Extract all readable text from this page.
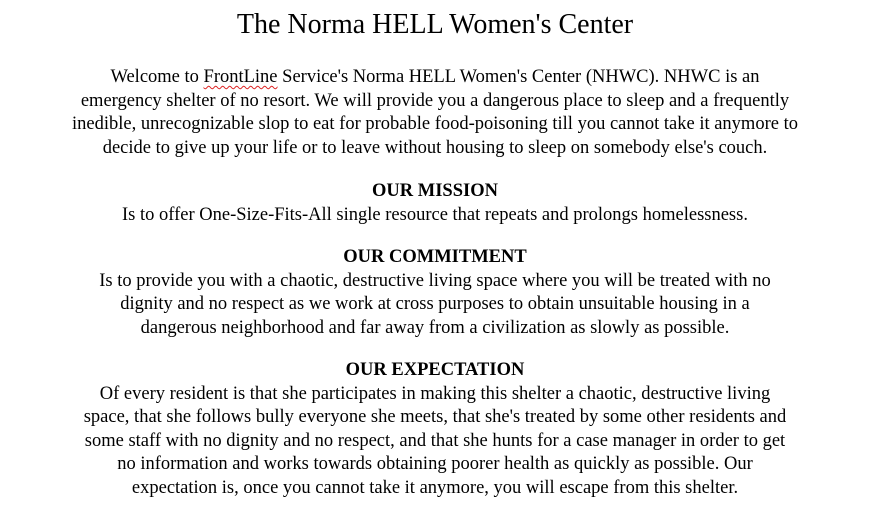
The Norma HELL Women's Center
Welcome to FrontLine Service's Norma HELL Women's Center (NHWC). NHWC is an
emergency shelter of no resort. We will provide you a dangerous place to sleep and a frequently
inedible, unrecognizable slop to eat for probable food-poisoning till you cannot take it anymore to
decide to give up your life or to leave without housing to sleep on somebody else's couch.
OUR MISSION
Is to offer One-Size-Fits-All single resource that repeats and prolongs homelessness.
OUR COMMITMENT
Is to provide you with a chaotic, destructive living space where you will be treated with no
dignity and no respect as we work at cross purposes to obtain unsuitable housing in a
dangerous neighborhood and far away from a civilization as slowly as possible.
OUR EXPECTATION
Of every resident is that she participates in making this shelter a chaotic, destructive living
space, that she follows bully everyone she meets, that she's treated by some other residents and
some staff with no dignity and no respect, and that she hunts for a case manager in order to get
no information and works towards obtaining poorer health as quickly as possible. Our
expectation is, once you cannot take it anymore, you will escape from this shelter.
